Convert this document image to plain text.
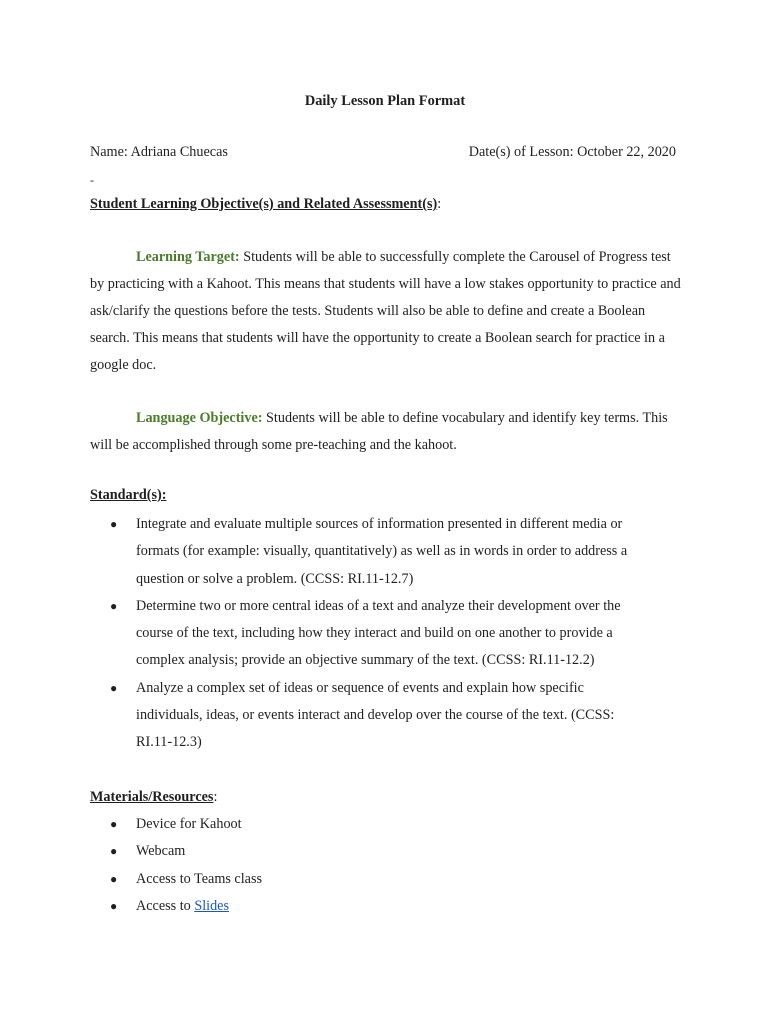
Daily Lesson Plan Format
Name: Adriana Chuecas	Date(s) of Lesson: October 22, 2020
-
Student Learning Objective(s) and Related Assessment(s):
Learning Target: Students will be able to successfully complete the Carousel of Progress test by practicing with a Kahoot. This means that students will have a low stakes opportunity to practice and ask/clarify the questions before the tests. Students will also be able to define and create a Boolean search. This means that students will have the opportunity to create a Boolean search for practice in a google doc.
Language Objective: Students will be able to define vocabulary and identify key terms. This will be accomplished through some pre-teaching and the kahoot.
Standard(s):
● Integrate and evaluate multiple sources of information presented in different media or formats (for example: visually, quantitatively) as well as in words in order to address a question or solve a problem. (CCSS: RI.11-12.7)
● Determine two or more central ideas of a text and analyze their development over the course of the text, including how they interact and build on one another to provide a complex analysis; provide an objective summary of the text. (CCSS: RI.11-12.2)
● Analyze a complex set of ideas or sequence of events and explain how specific individuals, ideas, or events interact and develop over the course of the text. (CCSS: RI.11-12.3)
Materials/Resources:
● Device for Kahoot
● Webcam
● Access to Teams class
● Access to Slides
